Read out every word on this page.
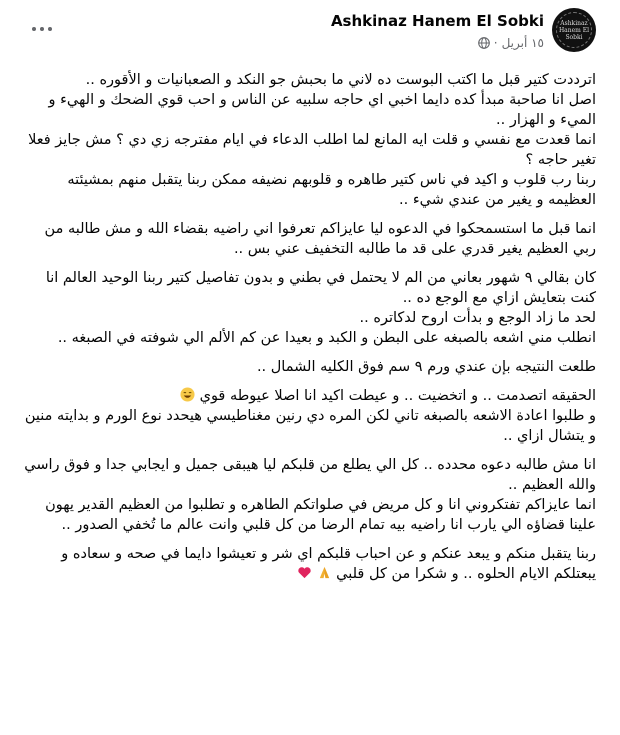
Ashkinaz
Hanem El Sobki
Ashkinaz Hanem El Sobki
١٥ أبريل
·

اترددت كتير قبل ما اكتب البوست ده لاني ما بحبش جو النكد و الصعبانيات و الأقوره ..
اصل انا صاحبة مبدأ كده دايما اخبي اي حاجه سلبيه عن الناس و احب قوي الضحك و الهيء و الميء و الهزار ..
انما قعدت مع نفسي و قلت ايه المانع لما اطلب الدعاء في ايام مفترجه زي دي ؟ مش جايز فعلا تغير حاجه ؟
ربنا رب قلوب و اكيد في ناس كتير طاهره و قلوبهم نضيفه ممكن ربنا يتقبل منهم بمشيئته العظيمه و يغير من عندي شيء ..

انما قبل ما استسمحكوا في الدعوه ليا عايزاكم تعرفوا اني راضيه بقضاء الله و مش طالبه من ربي العظيم يغير قدري على قد ما طالبه التخفيف عني بس ..

كان بقالي ٩ شهور بعاني من الم لا يحتمل في بطني و بدون تفاصيل كتير ربنا الوحيد العالم انا كنت بتعايش ازاي مع الوجع ده ..
لحد ما زاد الوجع و بدأت اروح لدكاتره ..
انطلب مني اشعه بالصبغه على البطن و الكبد و بعيدا عن كم الألم الي شوفته في الصبغه ..

طلعت النتيجه بإن عندي ورم ٩ سم فوق الكليه الشمال ..

الحقيقه اتصدمت .. و اتخضيت .. و عيطت اكيد انا اصلا عيوطه قوي
و طلبوا اعادة الاشعه بالصبغه تاني لكن المره دي رنين مغناطيسي هيحدد نوع الورم و بدايته منين و يتشال ازاي ..

انا مش طالبه دعوه محدده .. كل الي يطلع من قلبكم ليا هيبقى جميل و ايجابي جدا و فوق راسي والله العظيم ..
انما عايزاكم تفتكروني انا و كل مريض في صلواتكم الطاهره و تطلبوا من العظيم القدير يهون علينا قضاؤه الي يارب انا راضيه بيه تمام الرضا من كل قلبي وانت عالم ما تُخفي الصدور ..

ربنا يتقبل منكم و يبعد عنكم و عن احباب قلبكم اي شر و تعيشوا دايما في صحه و سعاده و يبعتلكم الايام الحلوه .. و شكرا من كل قلبي
